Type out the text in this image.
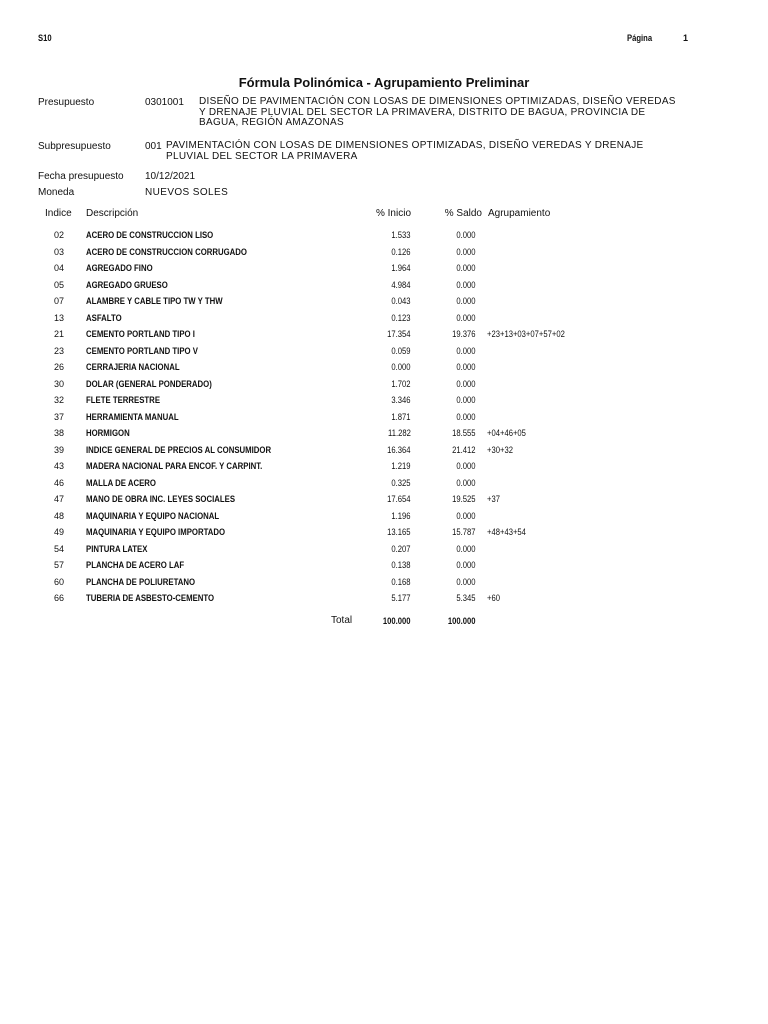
S10	Página	1
Fórmula Polinómica - Agrupamiento Preliminar
Presupuesto	0301001 DISEÑO DE PAVIMENTACIÓN CON LOSAS DE DIMENSIONES OPTIMIZADAS, DISEÑO VEREDAS Y DRENAJE PLUVIAL DEL SECTOR LA PRIMAVERA, DISTRITO DE BAGUA, PROVINCIA DE BAGUA, REGIÓN AMAZONAS
Subpresupuesto	001 PAVIMENTACIÓN CON LOSAS DE DIMENSIONES OPTIMIZADAS, DISEÑO VEREDAS Y DRENAJE PLUVIAL DEL SECTOR LA PRIMAVERA
Fecha presupuesto 10/12/2021
Moneda	NUEVOS SOLES
Indice Descripción	% Inicio	% Saldo Agrupamiento
02 ACERO DE CONSTRUCCION LISO	1.533	0.000
03 ACERO DE CONSTRUCCION CORRUGADO	0.126	0.000
04 AGREGADO FINO	1.964	0.000
05 AGREGADO GRUESO	4.984	0.000
07 ALAMBRE Y CABLE TIPO TW Y THW	0.043	0.000
13 ASFALTO	0.123	0.000
21 CEMENTO PORTLAND TIPO I	17.354	19.376 +23+13+03+07+57+02
23 CEMENTO PORTLAND TIPO V	0.059	0.000
26 CERRAJERIA NACIONAL	0.000	0.000
30 DOLAR (GENERAL PONDERADO)	1.702	0.000
32 FLETE TERRESTRE	3.346	0.000
37 HERRAMIENTA MANUAL	1.871	0.000
38 HORMIGON	11.282	18.555 +04+46+05
39 INDICE GENERAL DE PRECIOS AL CONSUMIDOR	16.364	21.412 +30+32
43 MADERA NACIONAL PARA ENCOF. Y CARPINT.	1.219	0.000
46 MALLA DE ACERO	0.325	0.000
47 MANO DE OBRA INC. LEYES SOCIALES	17.654	19.525 +37
48 MAQUINARIA Y EQUIPO NACIONAL	1.196	0.000
49 MAQUINARIA Y EQUIPO IMPORTADO	13.165	15.787 +48+43+54
54 PINTURA LATEX	0.207	0.000
57 PLANCHA DE ACERO LAF	0.138	0.000
60 PLANCHA DE POLIURETANO	0.168	0.000
66 TUBERIA DE ASBESTO-CEMENTO	5.177	5.345 +60
Total	100.000	100.000
